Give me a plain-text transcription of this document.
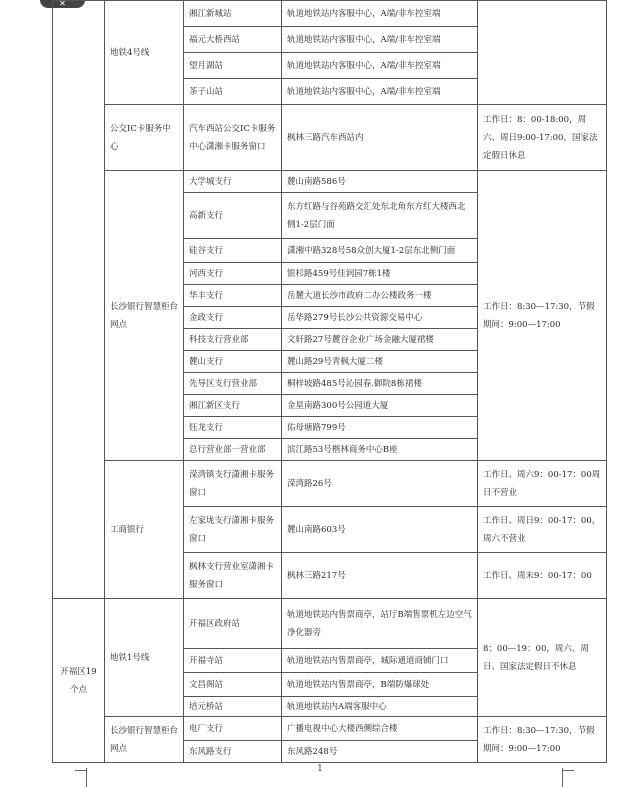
✕
	地铁4号线	湘江新城站	轨道地铁站内客服中心，A端/非车控室端	
		福元大桥西站	轨道地铁站内客服中心，A端/非车控室端	
		望月湖站	轨道地铁站内客服中心，A端/非车控室端	
		茶子山站	轨道地铁站内客服中心，A端/非车控室端	
	公交IC卡服务中心	汽车西站公交IC卡服务中心潇湘卡服务窗口	枫林三路汽车西站内	工作日：8：00-18:00，周六、周日9:00-17:00，国家法定假日休息
	长沙银行智慧柜台网点	大学城支行	麓山南路586号	工作日：8:30—17:30，节假期间：9:00—17:00
		高新支行	东方红路与谷苑路交汇处东北角东方红大楼西北侧1-2层门面	
		硅谷支行	潇湘中路328号58众创大厦1-2层东北侧门面	
		河西支行	银杉路459号佳润园7栋1楼	
		华丰支行	岳麓大道长沙市政府二办公楼政务一楼	
		金政支行	岳华路279号长沙公共资源交易中心	
		科技支行营业部	文轩路27号麓谷企业广场金融大厦裙楼	
		麓山支行	麓山路29号青枫大厦二楼	
		先导区支行营业部	桐梓坡路485号沁园春.御院8栋裙楼	
		湘江新区支行	金星南路300号公园道大厦	
		钰龙支行	佑母塘路799号	
		总行营业部一营业部	滨江路53号楷林商务中心B座	
	工商银行	溁湾镇支行潇湘卡服务窗口	溁湾路26号	工作日、周六9：00-17：00周日不营业
		左家垅支行潇湘卡服务窗口	麓山南路603号	工作日、周日9：00-17：00，周六不营业
		枫林支行营业室潇湘卡服务窗口	枫林三路217号	工作日、周末9：00-17：00
开福区19个点	地铁1号线	开福区政府站	轨道地铁站内售票商亭，站厅B端售票机左边空气净化器旁	8：00—19：00，周六、周日、国家法定假日不休息
		开福寺站	轨道地铁站内售票商亭，城际通道商铺门口	
		文昌阁站	轨道地铁站内售票商亭，B端防爆球处	
		培元桥站	轨道地铁站内A端客服中心	
	长沙银行智慧柜台网点	电厂支行	广播电视中心大楼西侧综合楼	工作日：8:30—17:30，节假期间：9:00—17:00
		东风路支行	东风路248号	
1
